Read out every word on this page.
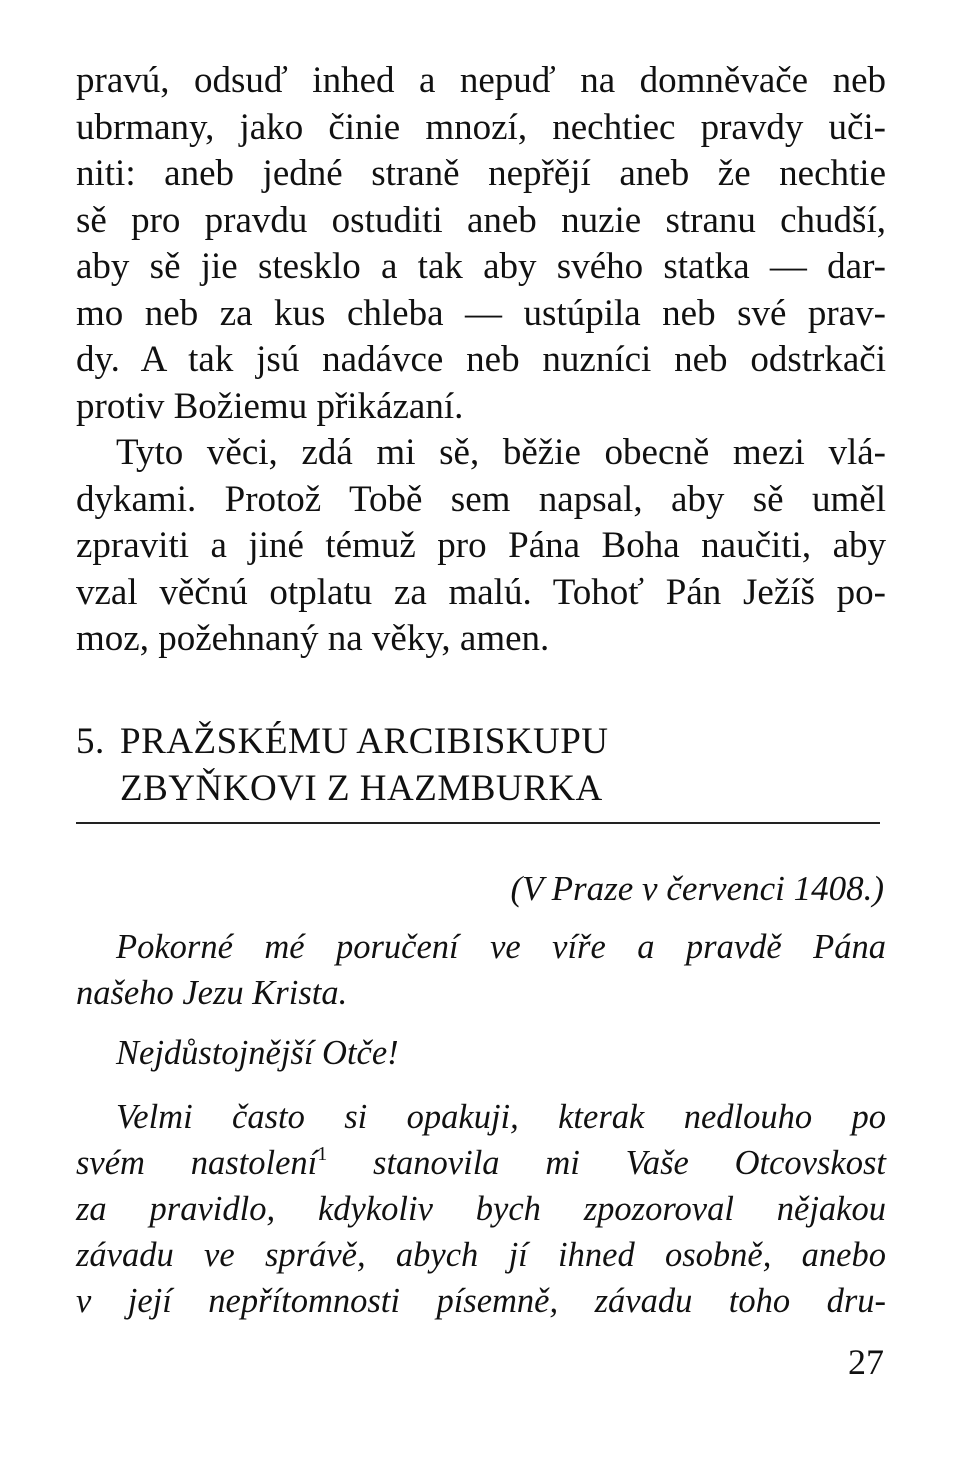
pravú, odsuď inhed a nepuď na domněvače neb
ubrmany, jako činie mnozí, nechtiec pravdy uči-
niti: aneb jedné straně nepřějí aneb že nechtie
sě pro pravdu ostuditi aneb nuzie stranu chudší,
aby sě jie stesklo a tak aby svého statka — dar-
mo neb za kus chleba — ustúpila neb své prav-
dy. A tak jsú nadávce neb nuzníci neb odstrkači
protiv Božiemu přikázaní.
Tyto věci, zdá mi sě, běžie obecně mezi vlá-
dykami. Protož Tobě sem napsal, aby sě uměl
zpraviti a jiné témuž pro Pána Boha naučiti, aby
vzal věčnú otplatu za malú. Tohoť Pán Ježíš po-
moz, požehnaný na věky, amen.
5. PRAŽSKÉMU ARCIBISKUPU
ZBYŇKOVI Z HAZMBURKA
(V Praze v červenci 1408.)
Pokorné mé poručení ve víře a pravdě Pána
našeho Jezu Krista.
Nejdůstojnější Otče!
Velmi často si opakuji, kterak nedlouho po
svém nastolení$^1$ stanovila mi Vaše Otcovskost
za pravidlo, kdykoliv bych zpozoroval nějakou
závadu ve správě, abych jí ihned osobně, anebo
v její nepřítomnosti písemně, závadu toho dru-
27
